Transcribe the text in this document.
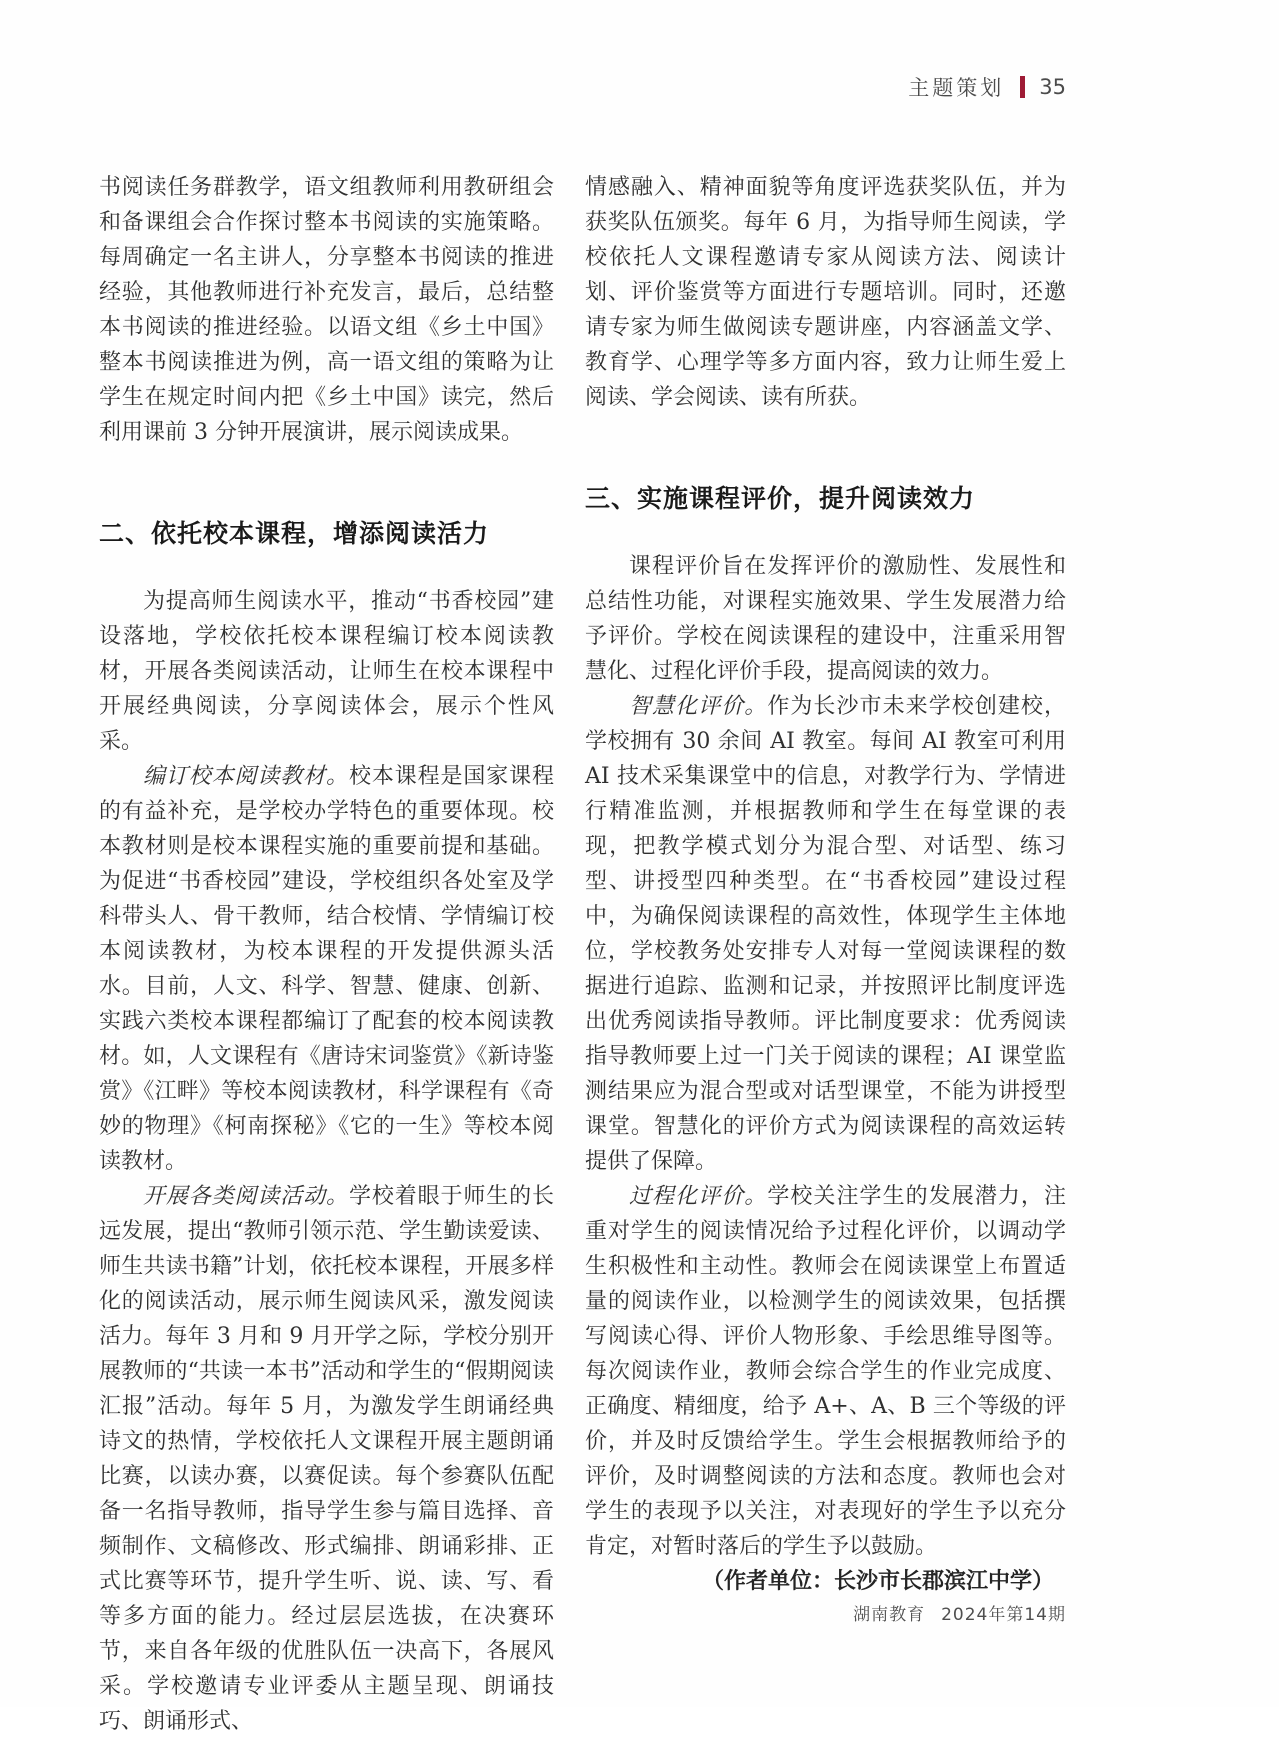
主题策划 35

书阅读任务群教学，语文组教师利用教研组会和备课组会合作探讨整本书阅读的实施策略。每周确定一名主讲人，分享整本书阅读的推进经验，其他教师进行补充发言，最后，总结整本书阅读的推进经验。以语文组《乡土中国》整本书阅读推进为例，高一语文组的策略为让学生在规定时间内把《乡土中国》读完，然后利用课前 3 分钟开展演讲，展示阅读成果。

二、依托校本课程，增添阅读活力

为提高师生阅读水平，推动“书香校园”建设落地，学校依托校本课程编订校本阅读教材，开展各类阅读活动，让师生在校本课程中开展经典阅读，分享阅读体会，展示个性风采。

编订校本阅读教材。校本课程是国家课程的有益补充，是学校办学特色的重要体现。校本教材则是校本课程实施的重要前提和基础。为促进“书香校园”建设，学校组织各处室及学科带头人、骨干教师，结合校情、学情编订校本阅读教材，为校本课程的开发提供源头活水。目前，人文、科学、智慧、健康、创新、实践六类校本课程都编订了配套的校本阅读教材。如，人文课程有《唐诗宋词鉴赏》《新诗鉴赏》《江畔》等校本阅读教材，科学课程有《奇妙的物理》《柯南探秘》《它的一生》等校本阅读教材。

开展各类阅读活动。学校着眼于师生的长远发展，提出“教师引领示范、学生勤读爱读、师生共读书籍”计划，依托校本课程，开展多样化的阅读活动，展示师生阅读风采，激发阅读活力。每年 3 月和 9 月开学之际，学校分别开展教师的“共读一本书”活动和学生的“假期阅读汇报”活动。每年 5 月，为激发学生朗诵经典诗文的热情，学校依托人文课程开展主题朗诵比赛，以读办赛，以赛促读。每个参赛队伍配备一名指导教师，指导学生参与篇目选择、音频制作、文稿修改、形式编排、朗诵彩排、正式比赛等环节，提升学生听、说、读、写、看等多方面的能力。经过层层选拔，在决赛环节，来自各年级的优胜队伍一决高下，各展风采。学校邀请专业评委从主题呈现、朗诵技巧、朗诵形式、

情感融入、精神面貌等角度评选获奖队伍，并为获奖队伍颁奖。每年 6 月，为指导师生阅读，学校依托人文课程邀请专家从阅读方法、阅读计划、评价鉴赏等方面进行专题培训。同时，还邀请专家为师生做阅读专题讲座，内容涵盖文学、教育学、心理学等多方面内容，致力让师生爱上阅读、学会阅读、读有所获。

三、实施课程评价，提升阅读效力

课程评价旨在发挥评价的激励性、发展性和总结性功能，对课程实施效果、学生发展潜力给予评价。学校在阅读课程的建设中，注重采用智慧化、过程化评价手段，提高阅读的效力。

智慧化评价。作为长沙市未来学校创建校，学校拥有 30 余间 AI 教室。每间 AI 教室可利用 AI 技术采集课堂中的信息，对教学行为、学情进行精准监测，并根据教师和学生在每堂课的表现，把教学模式划分为混合型、对话型、练习型、讲授型四种类型。在“书香校园”建设过程中，为确保阅读课程的高效性，体现学生主体地位，学校教务处安排专人对每一堂阅读课程的数据进行追踪、监测和记录，并按照评比制度评选出优秀阅读指导教师。评比制度要求：优秀阅读指导教师要上过一门关于阅读的课程；AI 课堂监测结果应为混合型或对话型课堂，不能为讲授型课堂。智慧化的评价方式为阅读课程的高效运转提供了保障。

过程化评价。学校关注学生的发展潜力，注重对学生的阅读情况给予过程化评价，以调动学生积极性和主动性。教师会在阅读课堂上布置适量的阅读作业，以检测学生的阅读效果，包括撰写阅读心得、评价人物形象、手绘思维导图等。每次阅读作业，教师会综合学生的作业完成度、正确度、精细度，给予 A+、A、B 三个等级的评价，并及时反馈给学生。学生会根据教师给予的评价，及时调整阅读的方法和态度。教师也会对学生的表现予以关注，对表现好的学生予以充分肯定，对暂时落后的学生予以鼓励。

（作者单位：长沙市长郡滨江中学）

湖南教育 2024年第14期
